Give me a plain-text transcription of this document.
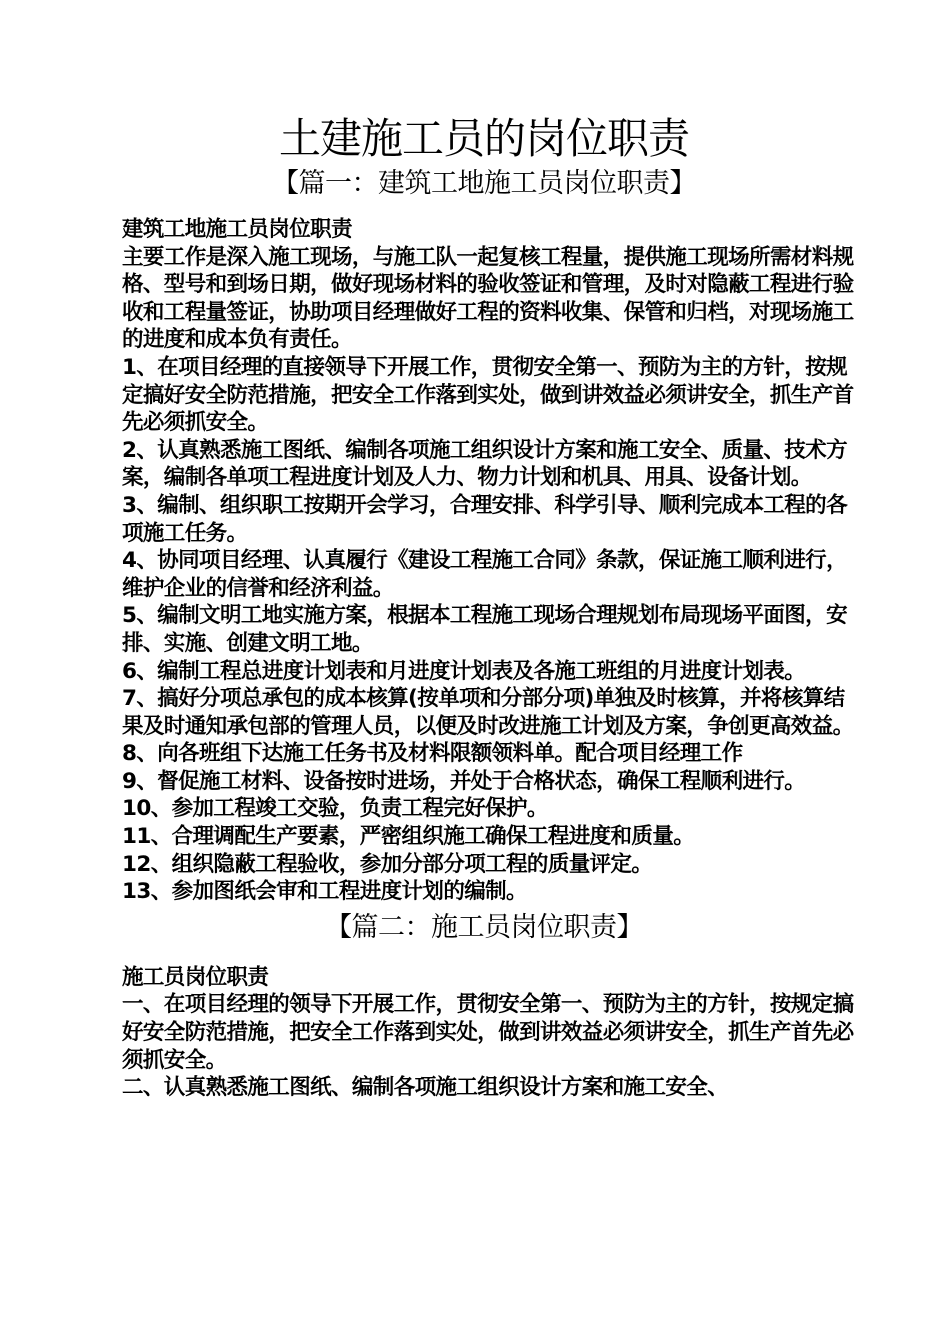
土建施工员的岗位职责
【篇一：建筑工地施工员岗位职责】

建筑工地施工员岗位职责

主要工作是深入施工现场，与施工队一起复核工程量，提供施工现场所需材料规格、型号和到场日期，做好现场材料的验收签证和管理，及时对隐蔽工程进行验收和工程量签证，协助项目经理做好工程的资料收集、保管和归档，对现场施工的进度和成本负有责任。

1、在项目经理的直接领导下开展工作，贯彻安全第一、预防为主的方针，按规定搞好安全防范措施，把安全工作落到实处，做到讲效益必须讲安全，抓生产首先必须抓安全。

2、认真熟悉施工图纸、编制各项施工组织设计方案和施工安全、质量、技术方案，编制各单项工程进度计划及人力、物力计划和机具、用具、设备计划。

3、编制、组织职工按期开会学习，合理安排、科学引导、顺利完成本工程的各项施工任务。

4、协同项目经理、认真履行《建设工程施工合同》条款，保证施工顺利进行，维护企业的信誉和经济利益。

5、编制文明工地实施方案，根据本工程施工现场合理规划布局现场平面图，安排、实施、创建文明工地。

6、编制工程总进度计划表和月进度计划表及各施工班组的月进度计划表。

7、搞好分项总承包的成本核算(按单项和分部分项)单独及时核算，并将核算结果及时通知承包部的管理人员，以便及时改进施工计划及方案，争创更高效益。

8、向各班组下达施工任务书及材料限额领料单。配合项目经理工作

9、督促施工材料、设备按时进场，并处于合格状态，确保工程顺利进行。

10、参加工程竣工交验，负责工程完好保护。

11、合理调配生产要素，严密组织施工确保工程进度和质量。

12、组织隐蔽工程验收，参加分部分项工程的质量评定。

13、参加图纸会审和工程进度计划的编制。

【篇二：施工员岗位职责】

施工员岗位职责

一、在项目经理的领导下开展工作，贯彻安全第一、预防为主的方针，按规定搞好安全防范措施，把安全工作落到实处，做到讲效益必须讲安全，抓生产首先必须抓安全。

二、认真熟悉施工图纸、编制各项施工组织设计方案和施工安全、
